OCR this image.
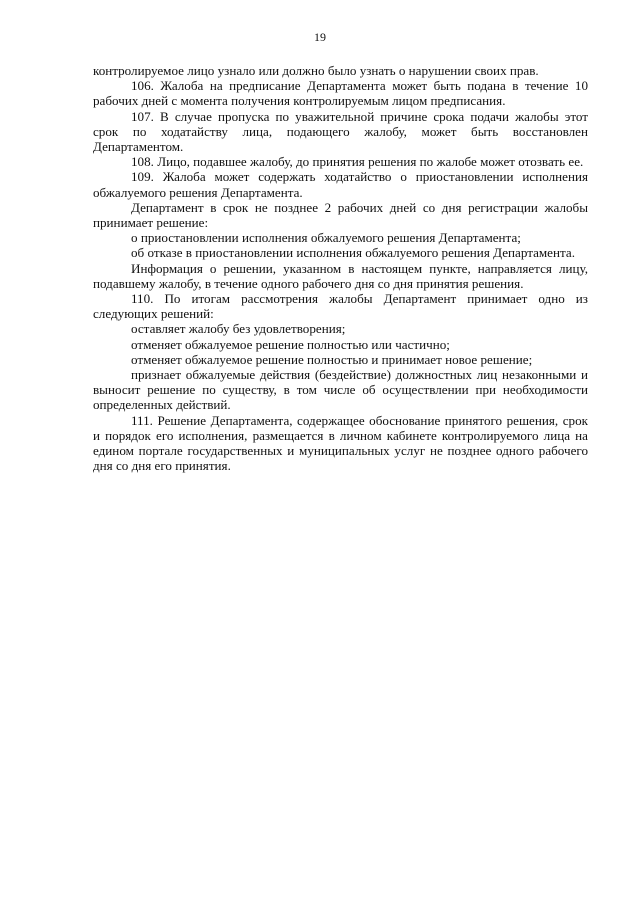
19

контролируемое лицо узнало или должно было узнать о нарушении своих прав.

106. Жалоба на предписание Департамента может быть подана в течение 10 рабочих дней с момента получения контролируемым лицом предписания.

107. В случае пропуска по уважительной причине срока подачи жалобы этот срок по ходатайству лица, подающего жалобу, может быть восстановлен Департаментом.

108. Лицо, подавшее жалобу, до принятия решения по жалобе может отозвать ее.

109. Жалоба может содержать ходатайство о приостановлении исполнения обжалуемого решения Департамента.

Департамент в срок не позднее 2 рабочих дней со дня регистрации жалобы принимает решение:

о приостановлении исполнения обжалуемого решения Департамента;

об отказе в приостановлении исполнения обжалуемого решения Департамента.

Информация о решении, указанном в настоящем пункте, направляется лицу, подавшему жалобу, в течение одного рабочего дня со дня принятия решения.

110. По итогам рассмотрения жалобы Департамент принимает одно из следующих решений:

оставляет жалобу без удовлетворения;

отменяет обжалуемое решение полностью или частично;

отменяет обжалуемое решение полностью и принимает новое решение;

признает обжалуемые действия (бездействие) должностных лиц незаконными и выносит решение по существу, в том числе об осуществлении при необходимости определенных действий.

111. Решение Департамента, содержащее обоснование принятого решения, срок и порядок его исполнения, размещается в личном кабинете контролируемого лица на едином портале государственных и муниципальных услуг не позднее одного рабочего дня со дня его принятия.
